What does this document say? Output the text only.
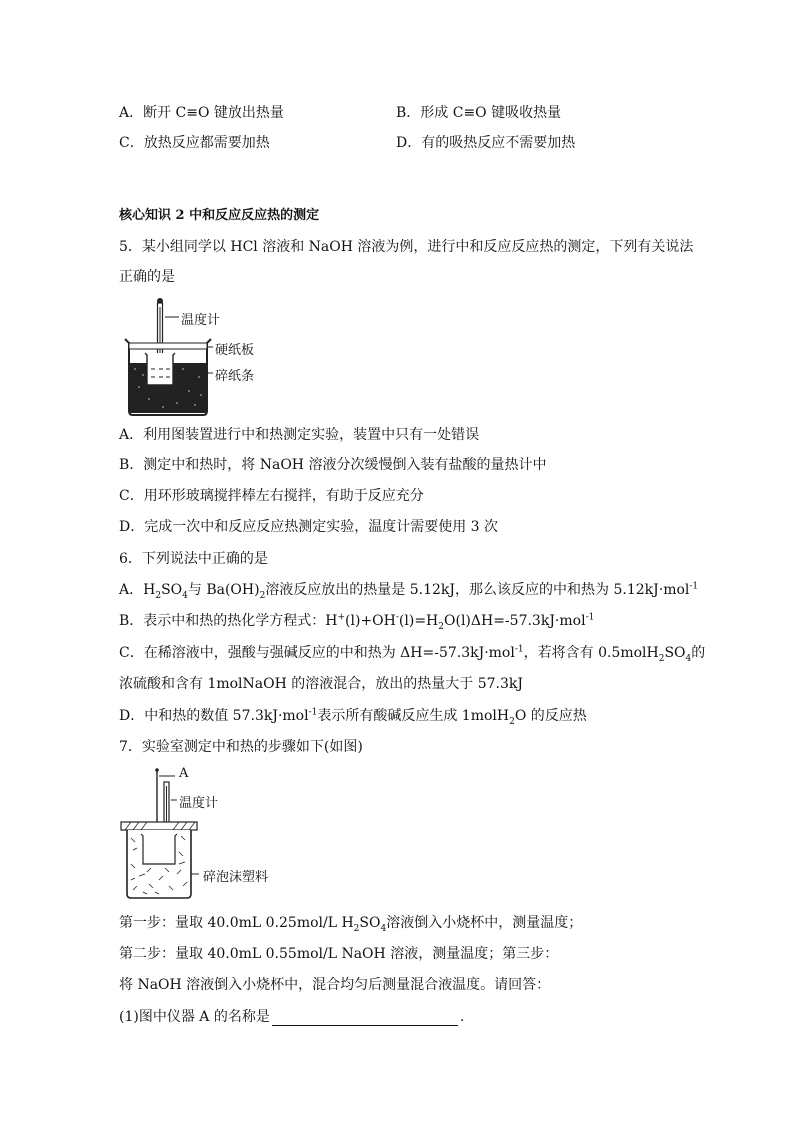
A．断开 C≡O 键放出热量	B．形成 C≡O 键吸收热量
C．放热反应都需要加热	D．有的吸热反应不需要加热
核心知识 2 中和反应反应热的测定
5．某小组同学以 HCl 溶液和 NaOH 溶液为例，进行中和反应反应热的测定，下列有关说法
正确的是
温度计
硬纸板
碎纸条
A．利用图装置进行中和热测定实验，装置中只有一处错误
B．测定中和热时，将 NaOH 溶液分次缓慢倒入装有盐酸的量热计中
C．用环形玻璃搅拌棒左右搅拌，有助于反应充分
D．完成一次中和反应反应热测定实验，温度计需要使用 3 次
6．下列说法中正确的是
A．$H_2SO_4$与 $Ba(OH)_2$溶液反应放出的热量是 5.12kJ，那么该反应的中和热为 5.12kJ·mol$^{-1}$
B．表示中和热的热化学方程式：$H^+(l)+OH^-(l)=H_2O(l)\Delta H=-57.3kJ\cdot mol^{-1}$
C．在稀溶液中，强酸与强碱反应的中和热为 ΔH=-57.3kJ·mol$^{-1}$，若将含有 $0.5molH_2SO_4$的
浓硫酸和含有 1molNaOH 的溶液混合，放出的热量大于 57.3kJ
D．中和热的数值 57.3kJ·mol$^{-1}$表示所有酸碱反应生成 1molH$_2$O 的反应热
7．实验室测定中和热的步骤如下(如图)
A
温度计
碎泡沫塑料
第一步：量取 40.0mL 0.25mol/L $H_2SO_4$溶液倒入小烧杯中，测量温度；
第二步：量取 40.0mL 0.55mol/L NaOH 溶液，测量温度；第三步：
将 NaOH 溶液倒入小烧杯中，混合均匀后测量混合液温度。请回答：
(1)图中仪器 A 的名称是	.
